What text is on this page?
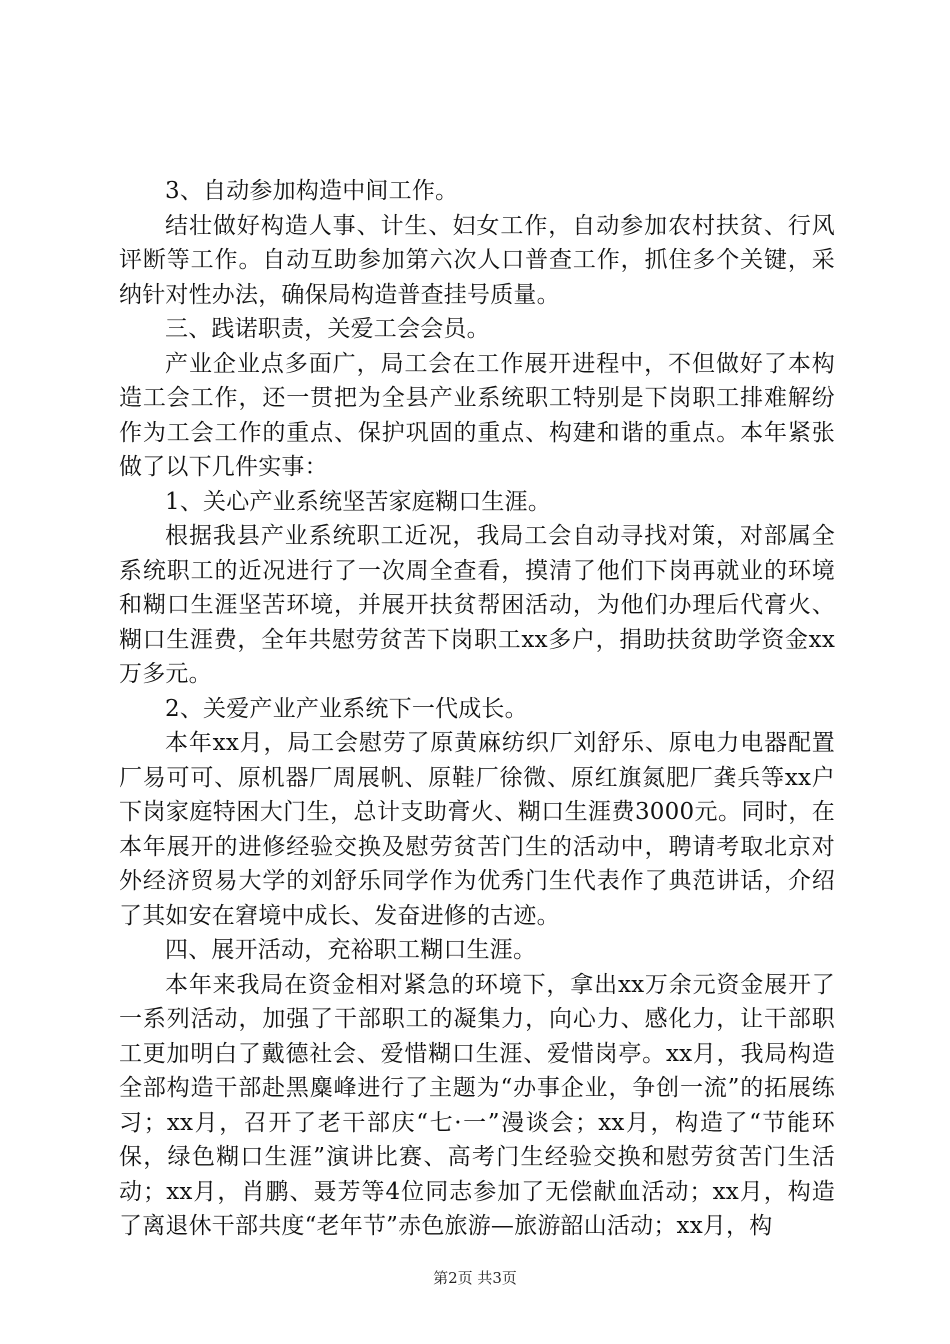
3、自动参加构造中间工作。

结壮做好构造人事、计生、妇女工作，自动参加农村扶贫、行风评断等工作。自动互助参加第六次人口普查工作，抓住多个关键，采纳针对性办法，确保局构造普查挂号质量。

三、践诺职责，关爱工会会员。

产业企业点多面广，局工会在工作展开进程中，不但做好了本构造工会工作，还一贯把为全县产业系统职工特别是下岗职工排难解纷作为工会工作的重点、保护巩固的重点、构建和谐的重点。本年紧张做了以下几件实事：

1、关心产业系统坚苦家庭糊口生涯。

根据我县产业系统职工近况，我局工会自动寻找对策，对部属全系统职工的近况进行了一次周全查看，摸清了他们下岗再就业的环境和糊口生涯坚苦环境，并展开扶贫帮困活动，为他们办理后代膏火、糊口生涯费，全年共慰劳贫苦下岗职工xx多户，捐助扶贫助学资金xx万多元。

2、关爱产业产业系统下一代成长。

本年xx月，局工会慰劳了原黄麻纺织厂刘舒乐、原电力电器配置厂易可可、原机器厂周展帆、原鞋厂徐微、原红旗氮肥厂龚兵等xx户下岗家庭特困大门生，总计支助膏火、糊口生涯费3000元。同时，在本年展开的进修经验交换及慰劳贫苦门生的活动中，聘请考取北京对外经济贸易大学的刘舒乐同学作为优秀门生代表作了典范讲话，介绍了其如安在窘境中成长、发奋进修的古迹。

四、展开活动，充裕职工糊口生涯。

本年来我局在资金相对紧急的环境下，拿出xx万余元资金展开了一系列活动，加强了干部职工的凝集力，向心力、感化力，让干部职工更加明白了戴德社会、爱惜糊口生涯、爱惜岗亭。xx月，我局构造全部构造干部赴黑麋峰进行了主题为“办事企业，争创一流”的拓展练习；xx月，召开了老干部庆“七·一”漫谈会；xx月，构造了“节能环保，绿色糊口生涯”演讲比赛、高考门生经验交换和慰劳贫苦门生活动；xx月，肖鹏、聂芳等4位同志参加了无偿献血活动；xx月，构造了离退休干部共度“老年节”赤色旅游—旅游韶山活动；xx月，构

第2页 共3页
